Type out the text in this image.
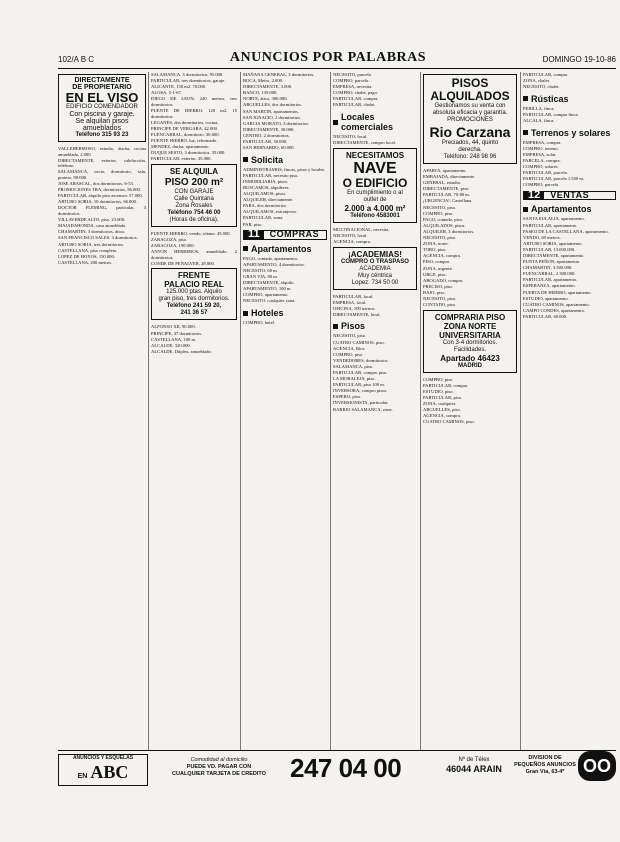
102/A B C	ANUNCIOS POR PALABRAS	DOMINGO 19-10-86
DIRECTAMENTE
DE PROPIETARIO
EN EL VISO
EDIFICIO COMENDADOR
Con piscina y garaje.
Se alquilan pisos
amueblados
Teléfono 315 93 23

VALLEHERMOSO, estudio, ducha, cocina amueblada, 2.000.

DIRECTAMENTE, exterior, calefacción, teléfono.

SALAMANCA, vacío, dormitorio, sala, portero. 90.000.

JOSE ABASCAL, dos dormitorios, 6-53.

PROMOCIONES TRA, dormitorios, 56.000.

PARTICULAR, alquilo piso ascensor. 57.000.

ARTURO SORIA, 10 dormitorios, 66.000.

DOCTOR FLEMING, particular, 3 dormitorios.

VILLAVERDE ALTO, piso. 23.000.

MAJADAHONDA, casa amueblada.

CHAMARTIN, 3 dormitorios, ático.

SAN FRANCISCO SALES. 3 dormitorios.

ARTURO SORIA, tres dormitorios.

CASTELLANA, piso completo.

LOPEZ DE HOYOS, 150.000.

CASTELLANA, 200 metros.

SALAMANCA, 3 dormitorios. 95.000.

PARTICULAR, tres dormitorios, garaje.

ALICANTE, 150 m2. 70.000.

ALOSA. 5-1-67.

DIEGO DE LEON, 240 metros, tres dormitorios.

PUENTE DE HIERRO, 120 m2, 15 dormitorios.

LEGANES, dos dormitorios, cocina.

PRINCIPE DE VERGARA, 42.000.

FUENCARRAL, dormitorio. 30.000.

PUENTE HIERRO, luz, reformado.

MENDEZ, ducha, apartamento.

DUQUE SESTO, 3 dormitorios. 35.000.

PARTICULAR, exterior, 35.000.

SE ALQUILA
PISO 200 m²
CON GARAJE
Calle Quintana
Zona Rosales
Teléfono 754 46 00
(Horas de oficina).

FUENTE HIERRO, vendo, sótano. 45.000.

ZARAGOZA, piso.

ZARAGOZA, 190.000.

ANTON HERREROS, amueblado, 2 dormitorios.

CONDE DE PEÑALVER, 28.000.

FRENTE
PALACIO REAL
125.000 ptas. Alquilo
gran piso, tres dormitorios.
Teléfono 241 59 20,
241 36 57

ALFONSO XII, 90.000.

PRINCIPE, 37 dormitorios.

CASTELLANA, 100 m.

ALCALDE, 320.000.

ALCALDE. Dúplex, amueblado.

MAÑANA GENERAL, 3 dormitorios.

BOCA, Metro, 2.000.

DIRECTAMENTE, 3.000.

BANCO, 135.000.

NORTE, ático, 300.000.

ARGUELLES, dos dormitorios.

SAN MARTIN, apartamentos.

SAN IGNACIO, 2 dormitorios.

GARCIA MORATO, 3 dormitorios.

DIRECTAMENTE, 30.000.

CENTRO, 2 dormitorios.

PARTICULAR, 50.000.

SAN BERNARDO, 60.000.

Solicita

ADMINISTRAMOS, fincas, pisos y locales.

PARTICULAR, necesito piso.

INMOBILIARIA, pisos.

BUSCAMOS, alquileres.

ALQUILAMOS, pisos.

ALQUILER, directamente.

PARA, dos dormitorios.

ALQUILAMOS, extranjeros.

PARTICULAR, zona.

PAR, piso.

11	COMPRAS
Apartamentos

PAGO, contado, apartamento.

APARTAMENTO, 4 dormitorios.

NECESITO, 60 m.

GRAN VIA, 80 m.

DIRECTAMENTE, alquilo.

APARTAMENTO, 100 m.

COMPRO, apartamento.

NECESITO, cualquier zona.

Hoteles

COMPRO, hotel.

NECESITO, parcela.

COMPRO, parcela.

EMPRESA, necesita.

COMPRO, chalet, pago.

PARTICULAR, compra.

PARTICULAR, chalet.

Locales comerciales

NECESITO, local.

DIRECTAMENTE, compro local.

NECESITAMOS
NAVE
O EDIFICIO
En cumplimiento o al
outlet de
2.000 a 4.000 m²
Teléfono 4583001

MULTINACIONAL, necesita.

NECESITO, local.

AGENCIA, compra.

¡ACADEMIAS!
COMPRO O TRASPASO
ACADEMIA
Muy céntrica
Lopez. 734 50 00

PARTICULAR, local.

EMPRESA, local.

OFICINA, 100 metros.

DIRECTAMENTE, local.

Pisos

NECESITO, piso.

CUATRO CAMINOS, piso.

AGENCIA, Ríos.

COMPRO, piso.

VENDEDORES, dormitorios.

SALAMANCA, piso.

PARTICULAR, compro piso.

LA MORALEJA, piso.

PARTICULAR, piso 100 m.

INVERSORA, compro pisos.

ESPERO, piso.

INVERSIONISTA, particular.

BARRIO SALAMANCA, zona.

PISOS
ALQUILADOS
Gestionamos su venta con absoluta eficacia y garantía.
PROMOCIONES
Rio Carzana
Preciados, 44, quinto
derecha.
Teléfono: 248 98 96

APARTA, apartamento.

EMBAJADA, directamente.

GENERAL, estudio.

DIRECTAMENTE, piso.

PARTICULAR, 70-80 m.

¡URGENCIA!, Castellana.

NECESITO, piso.

COMPRO, piso.

PAGO, contado, piso.

ALQUILADOS, pisos.

ALQUILER, 3 dormitorios.

NECESITO, piso.

ZONA, norte.

TORO, piso.

AGENCIA, compra.

PISO, compro.

ZONA, urgente.

URGE, piso.

ABOGADO, compra.

PRECISO, piso.

BAJO, piso.

NECESITO, piso.

CONTADO, piso.

COMPRARIA PISO
ZONA NORTE
UNIVERSITARIA
Con 3-4 dormitorios.
Facilidades.
Apartado 46423
MADRID

COMPRO, piso.

PARTICULAR, compra.

ESTUDIO, piso.

PARTICULAR, piso.

ZONA, cualquier.

ARGUELLES, piso.

AGENCIA, compra.

CUATRO CAMINOS, piso.

PARTICULAR, compra.

ZONA, chalet.

NECESITO, chalet.

Rústicas

PERILLA, finca.

PARTICULAR, compra finca.

ALCALA, finca.

Terrenos y solares

EMPRESA, compra.

COMPRO, terreno.

EMPRESA, solar.

PARCELA, compra.

COMPRO, solares.

PARTICULAR, parcela.

PARTICULAR, parcela 1.500 m.

COMPRO, parcela.

12	VENTAS
Apartamentos

SANTA EULALIA, apartamento.

PARTICULAR, apartamento.

PASEO DE LA CASTELLANA, apartamento.

VENDO, 60 metros.

ARTURO SORIA, apartamento.

PARTICULAR, 13.000.000.

DIRECTAMENTE, apartamento.

PUNTA PEÑON, apartamento.

CHAMARTIN, 3.500.000.

FUENCARRAL, 2.300.000.

PARTICULAR, apartamento.

ESPERANZA, apartamento.

PUERTA DE HIERRO, apartamento.

ESTUDIO, apartamento.

CUATRO CAMINOS, apartamento.

CAMPO CONDES, apartamento.

PARTICULAR, 60.000.

ANUNCIOS Y ESQUELAS
EN ABC
Comodidad al domicilio
PUEDE VD. PAGAR CON
CUALQUIER TARJETA DE CREDITO 247 04 00	Nº de Télex
46044 ARAIN
DIVISION DE
PEQUEÑOS ANUNCIOS
Gran Vía, 63-4º	OO
